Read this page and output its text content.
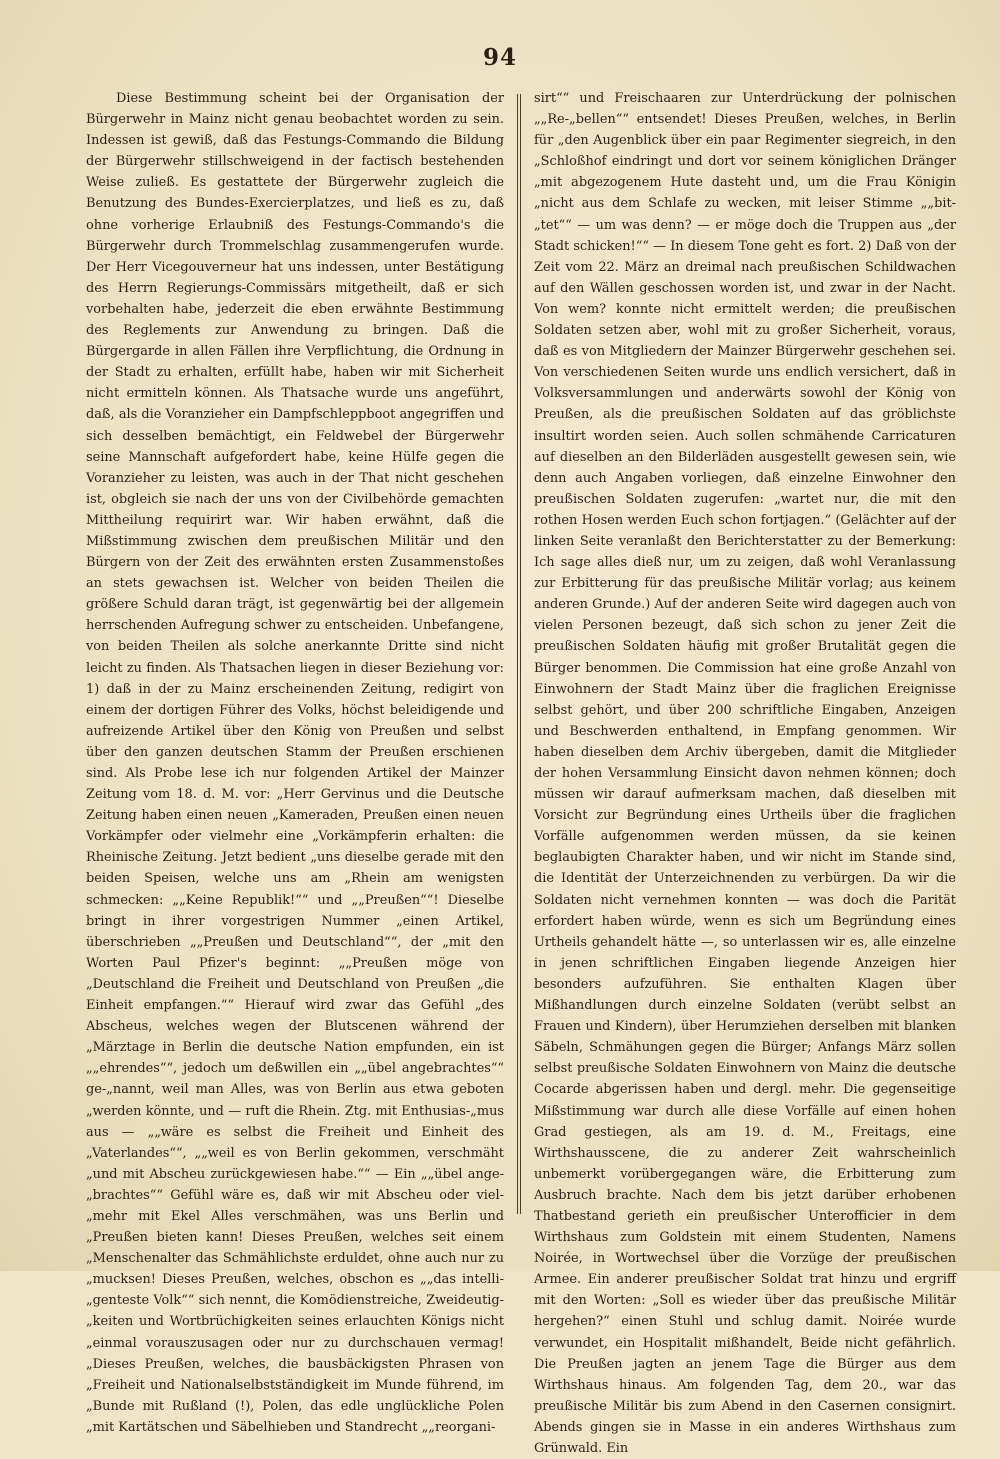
94

Diese Bestimmung scheint bei der Organisation der Bürgerwehr in Mainz nicht genau beobachtet worden zu sein. Indessen ist gewiß, daß das Festungs-Commando die Bildung der Bürgerwehr stillschweigend in der factisch bestehenden Weise zuließ. Es gestattete der Bürgerwehr zugleich die Benutzung des Bundes-Exercierplatzes, und ließ es zu, daß ohne vorherige Erlaubniß des Festungs-Commando's die Bürgerwehr durch Trommelschlag zusammengerufen wurde. Der Herr Vicegouverneur hat uns indessen, unter Bestätigung des Herrn Regierungs-Commissärs mitgetheilt, daß er sich vorbehalten habe, jederzeit die eben erwähnte Bestimmung des Reglements zur Anwendung zu bringen. Daß die Bürgergarde in allen Fällen ihre Verpflichtung, die Ordnung in der Stadt zu erhalten, erfüllt habe, haben wir mit Sicherheit nicht ermitteln können. Als Thatsache wurde uns angeführt, daß, als die Voranzieher ein Dampfschleppboot angegriffen und sich desselben bemächtigt, ein Feldwebel der Bürgerwehr seine Mannschaft aufgefordert habe, keine Hülfe gegen die Voranzieher zu leisten, was auch in der That nicht geschehen ist, obgleich sie nach der uns von der Civilbehörde gemachten Mittheilung requirirt war. Wir haben erwähnt, daß die Mißstimmung zwischen dem preußischen Militär und den Bürgern von der Zeit des erwähnten ersten Zusammenstoßes an stets gewachsen ist. Welcher von beiden Theilen die größere Schuld daran trägt, ist gegenwärtig bei der allgemein herrschenden Aufregung schwer zu entscheiden. Unbefangene, von beiden Theilen als solche anerkannte Dritte sind nicht leicht zu finden. Als Thatsachen liegen in dieser Beziehung vor: 1) daß in der zu Mainz erscheinenden Zeitung, redigirt von einem der dortigen Führer des Volks, höchst beleidigende und aufreizende Artikel über den König von Preußen und selbst über den ganzen deutschen Stamm der Preußen erschienen sind. Als Probe lese ich nur folgenden Artikel der Mainzer Zeitung vom 18. d. M. vor: „Herr Gervinus und die Deutsche Zeitung haben einen neuen „Kameraden, Preußen einen neuen Vorkämpfer oder vielmehr eine „Vorkämpferin erhalten: die Rheinische Zeitung. Jetzt bedient „uns dieselbe gerade mit den beiden Speisen, welche uns am „Rhein am wenigsten schmecken: „„Keine Republik!““ und „„Preußen““! Dieselbe bringt in ihrer vorgestrigen Nummer „einen Artikel, überschrieben „„Preußen und Deutschland““, der „mit den Worten Paul Pfizer's beginnt: „„Preußen möge von „Deutschland die Freiheit und Deutschland von Preußen „die Einheit empfangen.““ Hierauf wird zwar das Gefühl „des Abscheus, welches wegen der Blutscenen während der „Märztage in Berlin die deutsche Nation empfunden, ein ist „„ehrendes““, jedoch um deßwillen ein „„übel angebrachtes““ ge-„nannt, weil man Alles, was von Berlin aus etwa geboten „werden könnte, und — ruft die Rhein. Ztg. mit Enthusias-„mus aus — „„wäre es selbst die Freiheit und Einheit des „Vaterlandes““, „„weil es von Berlin gekommen, verschmäht „und mit Abscheu zurückgewiesen habe.““ — Ein „„übel ange-„brachtes““ Gefühl wäre es, daß wir mit Abscheu oder viel-„mehr mit Ekel Alles verschmähen, was uns Berlin und „Preußen bieten kann! Dieses Preußen, welches seit einem „Menschenalter das Schmählichste erduldet, ohne auch nur zu „mucksen! Dieses Preußen, welches, obschon es „„das intelli-„genteste Volk““ sich nennt, die Komödienstreiche, Zweideutig-„keiten und Wortbrüchigkeiten seines erlauchten Königs nicht „einmal vorauszusagen oder nur zu durchschauen vermag! „Dieses Preußen, welches, die bausbäckigsten Phrasen von „Freiheit und Nationalselbstständigkeit im Munde führend, im „Bunde mit Rußland (!), Polen, das edle unglückliche Polen „mit Kartätschen und Säbelhieben und Standrecht „„reorgani-

sirt““ und Freischaaren zur Unterdrückung der polnischen „„Re-„bellen““ entsendet! Dieses Preußen, welches, in Berlin für „den Augenblick über ein paar Regimenter siegreich, in den „Schloßhof eindringt und dort vor seinem königlichen Dränger „mit abgezogenem Hute dasteht und, um die Frau Königin „nicht aus dem Schlafe zu wecken, mit leiser Stimme „„bit-„tet““ — um was denn? — er möge doch die Truppen aus „der Stadt schicken!““ — In diesem Tone geht es fort. 2) Daß von der Zeit vom 22. März an dreimal nach preußischen Schildwachen auf den Wällen geschossen worden ist, und zwar in der Nacht. Von wem? konnte nicht ermittelt werden; die preußischen Soldaten setzen aber, wohl mit zu großer Sicherheit, voraus, daß es von Mitgliedern der Mainzer Bürgerwehr geschehen sei. Von verschiedenen Seiten wurde uns endlich versichert, daß in Volksversammlungen und anderwärts sowohl der König von Preußen, als die preußischen Soldaten auf das gröblichste insultirt worden seien. Auch sollen schmähende Carricaturen auf dieselben an den Bilderläden ausgestellt gewesen sein, wie denn auch Angaben vorliegen, daß einzelne Einwohner den preußischen Soldaten zugerufen: „wartet nur, die mit den rothen Hosen werden Euch schon fortjagen.“ (Gelächter auf der linken Seite veranlaßt den Berichterstatter zu der Bemerkung: Ich sage alles dieß nur, um zu zeigen, daß wohl Veranlassung zur Erbitterung für das preußische Militär vorlag; aus keinem anderen Grunde.) Auf der anderen Seite wird dagegen auch von vielen Personen bezeugt, daß sich schon zu jener Zeit die preußischen Soldaten häufig mit großer Brutalität gegen die Bürger benommen. Die Commission hat eine große Anzahl von Einwohnern der Stadt Mainz über die fraglichen Ereignisse selbst gehört, und über 200 schriftliche Eingaben, Anzeigen und Beschwerden enthaltend, in Empfang genommen. Wir haben dieselben dem Archiv übergeben, damit die Mitglieder der hohen Versammlung Einsicht davon nehmen können; doch müssen wir darauf aufmerksam machen, daß dieselben mit Vorsicht zur Begründung eines Urtheils über die fraglichen Vorfälle aufgenommen werden müssen, da sie keinen beglaubigten Charakter haben, und wir nicht im Stande sind, die Identität der Unterzeichnenden zu verbürgen. Da wir die Soldaten nicht vernehmen konnten — was doch die Parität erfordert haben würde, wenn es sich um Begründung eines Urtheils gehandelt hätte —, so unterlassen wir es, alle einzelne in jenen schriftlichen Eingaben liegende Anzeigen hier besonders aufzuführen. Sie enthalten Klagen über Mißhandlungen durch einzelne Soldaten (verübt selbst an Frauen und Kindern), über Herumziehen derselben mit blanken Säbeln, Schmähungen gegen die Bürger; Anfangs März sollen selbst preußische Soldaten Einwohnern von Mainz die deutsche Cocarde abgerissen haben und dergl. mehr. Die gegenseitige Mißstimmung war durch alle diese Vorfälle auf einen hohen Grad gestiegen, als am 19. d. M., Freitags, eine Wirthshausscene, die zu anderer Zeit wahrscheinlich unbemerkt vorübergegangen wäre, die Erbitterung zum Ausbruch brachte. Nach dem bis jetzt darüber erhobenen Thatbestand gerieth ein preußischer Unterofficier in dem Wirthshaus zum Goldstein mit einem Studenten, Namens Noirée, in Wortwechsel über die Vorzüge der preußischen Armee. Ein anderer preußischer Soldat trat hinzu und ergriff mit den Worten: „Soll es wieder über das preußische Militär hergehen?“ einen Stuhl und schlug damit. Noirée wurde verwundet, ein Hospitalit mißhandelt, Beide nicht gefährlich. Die Preußen jagten an jenem Tage die Bürger aus dem Wirthshaus hinaus. Am folgenden Tag, dem 20., war das preußische Militär bis zum Abend in den Casernen consignirt. Abends gingen sie in Masse in ein anderes Wirthshaus zum Grünwald. Ein
